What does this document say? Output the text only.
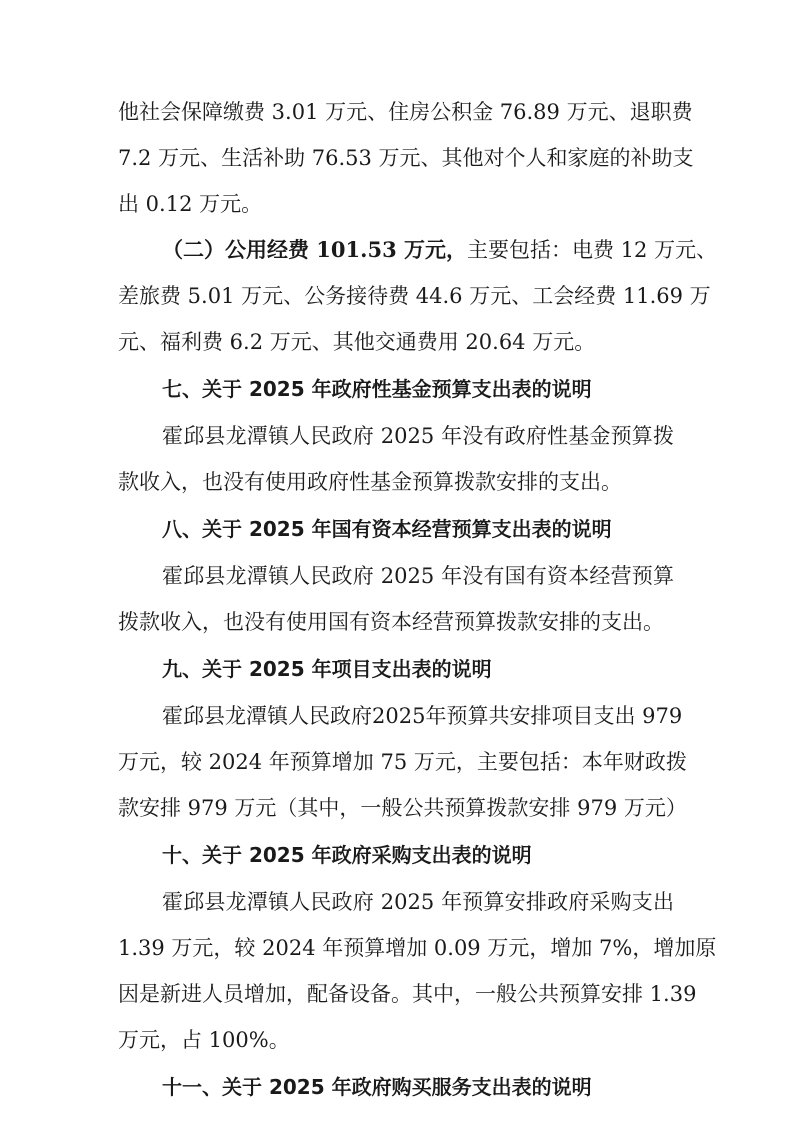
他社会保障缴费 3.01 万元、住房公积金 76.89 万元、退职费
7.2 万元、生活补助 76.53 万元、其他对个人和家庭的补助支
出 0.12 万元。
（二）公用经费 101.53 万元，主要包括：电费 12 万元、
差旅费 5.01 万元、公务接待费 44.6 万元、工会经费 11.69 万
元、福利费 6.2 万元、其他交通费用 20.64 万元。
七、关于 2025 年政府性基金预算支出表的说明
霍邱县龙潭镇人民政府 2025 年没有政府性基金预算拨
款收入，也没有使用政府性基金预算拨款安排的支出。
八、关于 2025 年国有资本经营预算支出表的说明
霍邱县龙潭镇人民政府 2025 年没有国有资本经营预算
拨款收入，也没有使用国有资本经营预算拨款安排的支出。
九、关于 2025 年项目支出表的说明
霍邱县龙潭镇人民政府2025年预算共安排项目支出 979
万元，较 2024 年预算增加 75 万元，主要包括：本年财政拨
款安排 979 万元（其中，一般公共预算拨款安排 979 万元）
十、关于 2025 年政府采购支出表的说明
霍邱县龙潭镇人民政府 2025 年预算安排政府采购支出
1.39 万元，较 2024 年预算增加 0.09 万元，增加 7%，增加原
因是新进人员增加，配备设备。其中，一般公共预算安排 1.39
万元，占 100%。
十一、关于 2025 年政府购买服务支出表的说明
